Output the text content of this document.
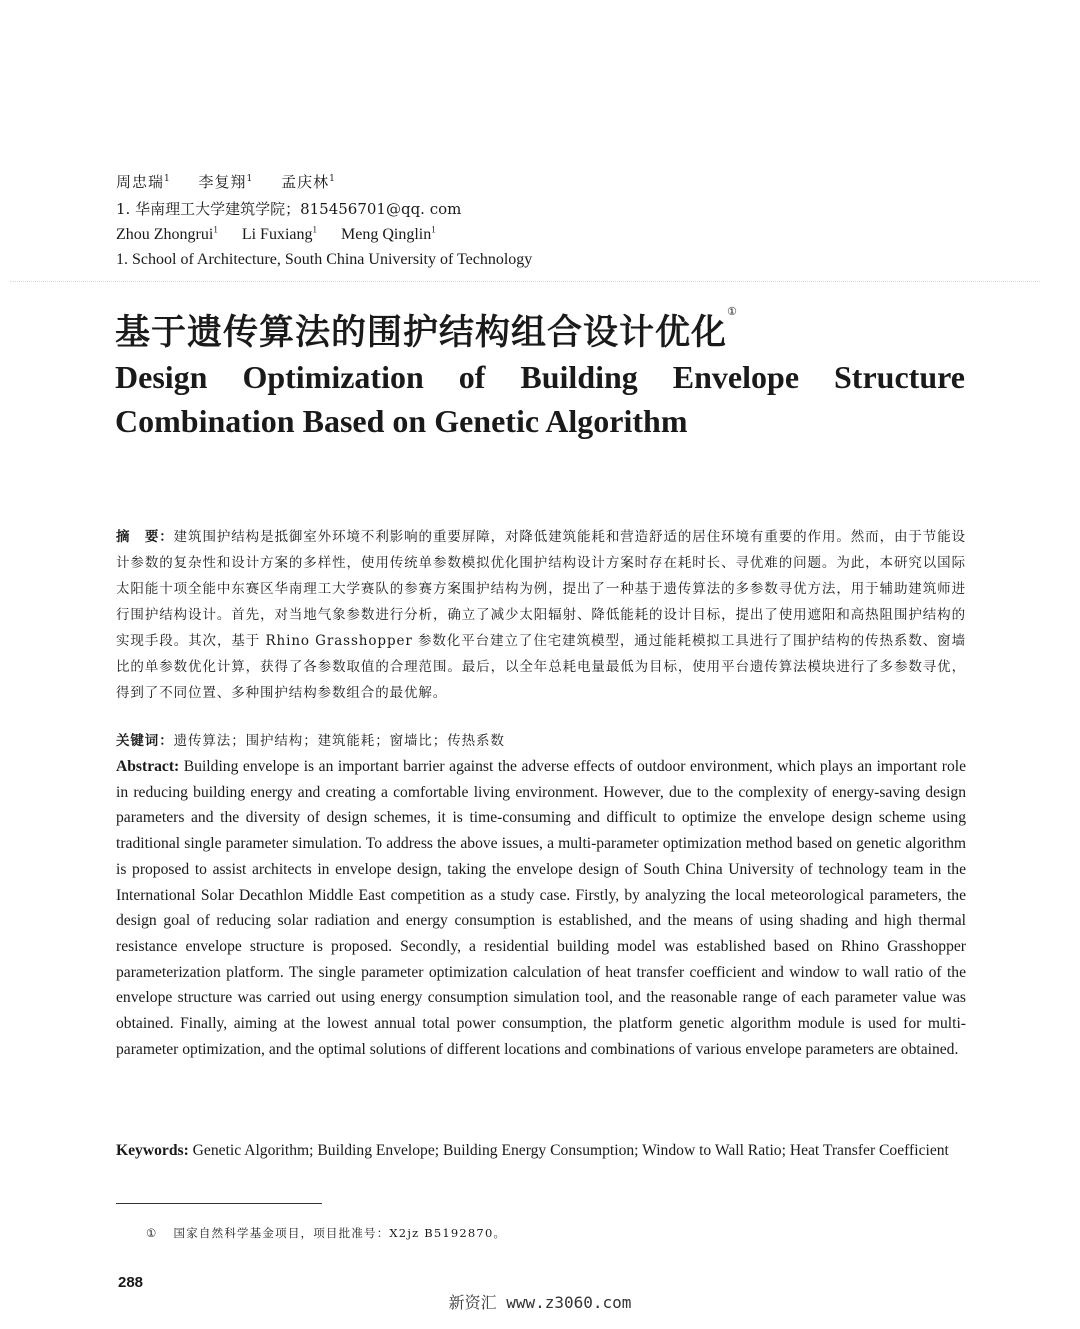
周忠瑞$^1$ 李复翔$^1$ 孟庆林$^1$
1. 华南理工大学建筑学院；815456701@qq. com
Zhou Zhongrui$^1$ Li Fuxiang$^1$ Meng Qinglin$^1$
1. School of Architecture, South China University of Technology
基于遗传算法的围护结构组合设计优化①
Design Optimization of Building Envelope Structure
Combination Based on Genetic Algorithm
摘　要：建筑围护结构是抵御室外环境不利影响的重要屏障，对降低建筑能耗和营造舒适的居住环境有重要的作用。然而，由于节能设计参数的复杂性和设计方案的多样性，使用传统单参数模拟优化围护结构设计方案时存在耗时长、寻优难的问题。为此，本研究以国际太阳能十项全能中东赛区华南理工大学赛队的参赛方案围护结构为例，提出了一种基于遗传算法的多参数寻优方法，用于辅助建筑师进行围护结构设计。首先，对当地气象参数进行分析，确立了减少太阳辐射、降低能耗的设计目标，提出了使用遮阳和高热阻围护结构的实现手段。其次，基于 Rhino Grasshopper 参数化平台建立了住宅建筑模型，通过能耗模拟工具进行了围护结构的传热系数、窗墙比的单参数优化计算，获得了各参数取值的合理范围。最后，以全年总耗电量最低为目标，使用平台遗传算法模块进行了多参数寻优，得到了不同位置、多种围护结构参数组合的最优解。
关键词：遗传算法；围护结构；建筑能耗；窗墙比；传热系数
Abstract: Building envelope is an important barrier against the adverse effects of outdoor environment, which plays an important role in reducing building energy and creating a comfortable living environment. However, due to the complexity of energy-saving design parameters and the diversity of design schemes, it is time-consuming and difficult to optimize the envelope design scheme using traditional single parameter simulation. To address the above issues, a multi-parameter optimization method based on genetic algorithm is proposed to assist architects in envelope design, taking the envelope design of South China University of technology team in the International Solar Decathlon Middle East competition as a study case. Firstly, by analyzing the local meteorological parameters, the design goal of reducing solar radiation and energy consumption is established, and the means of using shading and high thermal resistance envelope structure is proposed. Secondly, a residential building model was established based on Rhino Grasshopper parameterization platform. The single parameter optimization calculation of heat transfer coefficient and window to wall ratio of the envelope structure was carried out using energy consumption simulation tool, and the reasonable range of each parameter value was obtained. Finally, aiming at the lowest annual total power consumption, the platform genetic algorithm module is used for multi-parameter optimization, and the optimal solutions of different locations and combinations of various envelope parameters are obtained.
Keywords: Genetic Algorithm; Building Envelope; Building Energy Consumption; Window to Wall Ratio; Heat Transfer Coefficient
① 国家自然科学基金项目，项目批准号：X2jz B5192870。
288
新资汇 www.z3060.com
